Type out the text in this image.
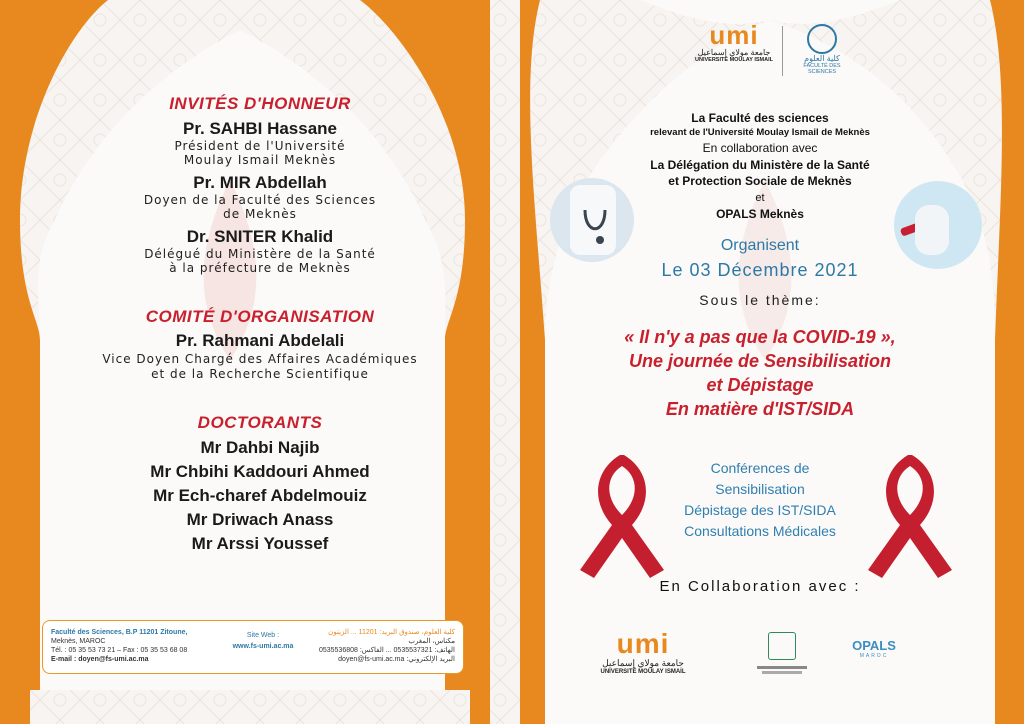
INVITÉS D'HONNEUR

Pr. SAHBI Hassane

Président de l'Université

Moulay Ismail Meknès

Pr. MIR Abdellah

Doyen de la Faculté des Sciences

de Meknès

Dr. SNITER Khalid

Délégué du Ministère de la Santé

à la préfecture de Meknès

COMITÉ D'ORGANISATION

Pr. Rahmani Abdelali

Vice Doyen Chargé des Affaires Académiques

et de la Recherche Scientifique

DOCTORANTS

Mr Dahbi Najib

Mr Chbihi Kaddouri Ahmed

Mr Ech-charef Abdelmouiz

Mr Driwach Anass

Mr Arssi Youssef

Faculté des Sciences, B.P 11201 Zitoune,
Meknès, MAROC
Tél. : 05 35 53 73 21 – Fax : 05 35 53 68 08
E-mail : doyen@fs-umi.ac.ma
Site Web :
www.fs-umi.ac.ma
كلية العلوم، صندوق البريد: 11201 ... الزيتون
مكناس، المغرب
الهاتف: 0535537321 ... الفاكس: 0535536808
البريد الإلكتروني: doyen@fs-umi.ac.ma
umi
جامعة مولاي إسماعيل
UNIVERSITÉ MOULAY ISMAIL	كلية العلوم
FACULTÉ DES SCIENCES

La Faculté des sciences

relevant de l'Université Moulay Ismail de Meknès

En collaboration avec

La Délégation du Ministère de la Santé

et Protection Sociale de Meknès

et

OPALS Meknès

Organisent

Le 03 Décembre 2021

Sous le thème:

« Il n'y a pas que la COVID-19 »,

Une journée de Sensibilisation

et Dépistage

En matière d'IST/SIDA

Conférences de

Sensibilisation

Dépistage des IST/SIDA

Consultations Médicales

En Collaboration avec :

umi
جامعة مولاي إسماعيل
UNIVERSITÉ MOULAY ISMAIL
OPALS
MAROC
